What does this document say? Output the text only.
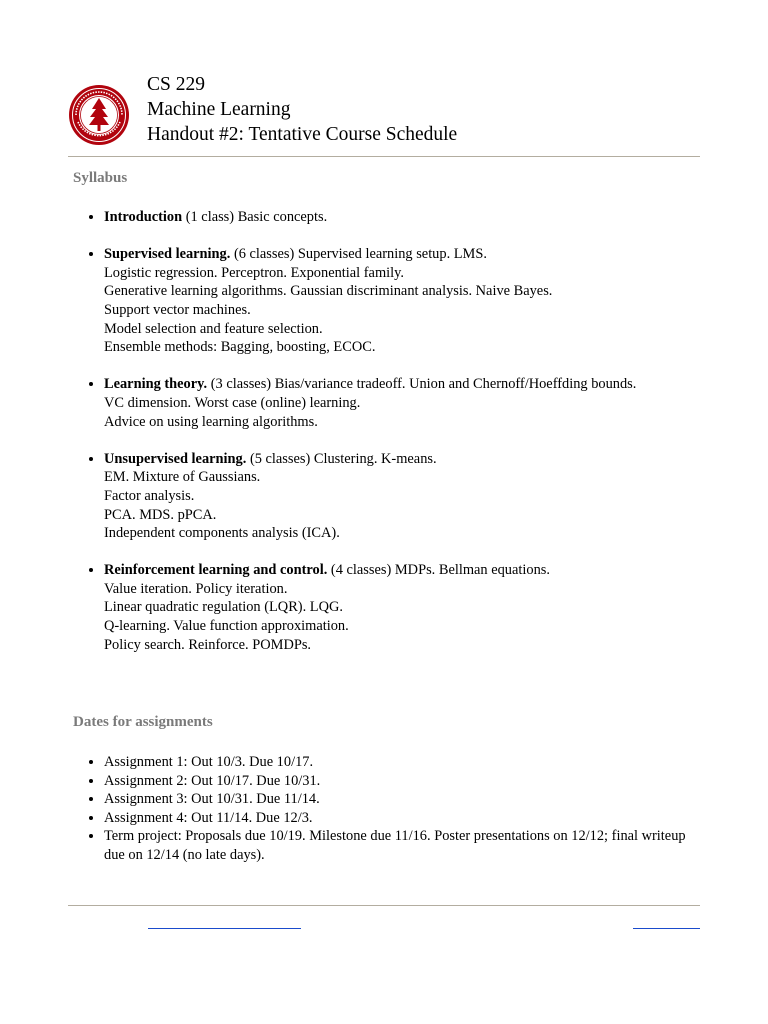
CS 229
Machine Learning
Handout #2: Tentative Course Schedule
Syllabus
• Introduction (1 class) Basic concepts.
• Supervised learning. (6 classes) Supervised learning setup. LMS.
Logistic regression. Perceptron. Exponential family.
Generative learning algorithms. Gaussian discriminant analysis. Naive Bayes.
Support vector machines.
Model selection and feature selection.
Ensemble methods: Bagging, boosting, ECOC.
• Learning theory. (3 classes) Bias/variance tradeoff. Union and Chernoff/Hoeffding bounds.
VC dimension. Worst case (online) learning.
Advice on using learning algorithms.
• Unsupervised learning. (5 classes) Clustering. K-means.
EM. Mixture of Gaussians.
Factor analysis.
PCA. MDS. pPCA.
Independent components analysis (ICA).
• Reinforcement learning and control. (4 classes) MDPs. Bellman equations.
Value iteration. Policy iteration.
Linear quadratic regulation (LQR). LQG.
Q-learning. Value function approximation.
Policy search. Reinforce. POMDPs.
Dates for assignments
• Assignment 1: Out 10/3. Due 10/17.
• Assignment 2: Out 10/17. Due 10/31.
• Assignment 3: Out 10/31. Due 11/14.
• Assignment 4: Out 11/14. Due 12/3.
• Term project: Proposals due 10/19. Milestone due 11/16. Poster presentations on 12/12; final writeup due on 12/14 (no late days).
